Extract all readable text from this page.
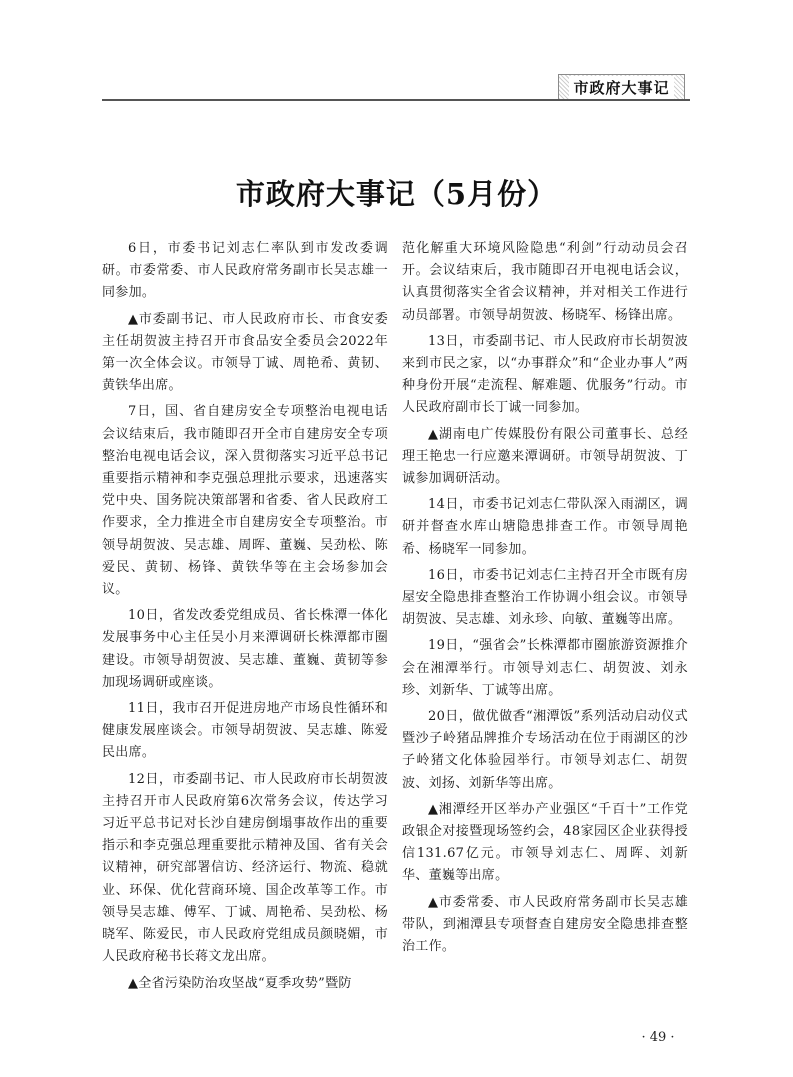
市政府大事记
市政府大事记（5月份）

6日，市委书记刘志仁率队到市发改委调研。市委常委、市人民政府常务副市长吴志雄一同参加。

▲市委副书记、市人民政府市长、市食安委主任胡贺波主持召开市食品安全委员会2022年第一次全体会议。市领导丁诚、周艳希、黄韧、黄铁华出席。

7日，国、省自建房安全专项整治电视电话会议结束后，我市随即召开全市自建房安全专项整治电视电话会议，深入贯彻落实习近平总书记重要指示精神和李克强总理批示要求，迅速落实党中央、国务院决策部署和省委、省人民政府工作要求，全力推进全市自建房安全专项整治。市领导胡贺波、吴志雄、周晖、董巍、吴劲松、陈爱民、黄韧、杨锋、黄铁华等在主会场参加会议。

10日，省发改委党组成员、省长株潭一体化发展事务中心主任吴小月来潭调研长株潭都市圈建设。市领导胡贺波、吴志雄、董巍、黄韧等参加现场调研或座谈。

11日，我市召开促进房地产市场良性循环和健康发展座谈会。市领导胡贺波、吴志雄、陈爱民出席。

12日，市委副书记、市人民政府市长胡贺波主持召开市人民政府第6次常务会议，传达学习习近平总书记对长沙自建房倒塌事故作出的重要指示和李克强总理重要批示精神及国、省有关会议精神，研究部署信访、经济运行、物流、稳就业、环保、优化营商环境、国企改革等工作。市领导吴志雄、傅军、丁诚、周艳希、吴劲松、杨晓军、陈爱民，市人民政府党组成员颜晓媚，市人民政府秘书长蒋文龙出席。

▲全省污染防治攻坚战“夏季攻势”暨防

范化解重大环境风险隐患“利剑”行动动员会召开。会议结束后，我市随即召开电视电话会议，认真贯彻落实全省会议精神，并对相关工作进行动员部署。市领导胡贺波、杨晓军、杨锋出席。

13日，市委副书记、市人民政府市长胡贺波来到市民之家，以“办事群众”和“企业办事人”两种身份开展“走流程、解难题、优服务”行动。市人民政府副市长丁诚一同参加。

▲湖南电广传媒股份有限公司董事长、总经理王艳忠一行应邀来潭调研。市领导胡贺波、丁诚参加调研活动。

14日，市委书记刘志仁带队深入雨湖区，调研并督查水库山塘隐患排查工作。市领导周艳希、杨晓军一同参加。

16日，市委书记刘志仁主持召开全市既有房屋安全隐患排查整治工作协调小组会议。市领导胡贺波、吴志雄、刘永珍、向敏、董巍等出席。

19日，“强省会”长株潭都市圈旅游资源推介会在湘潭举行。市领导刘志仁、胡贺波、刘永珍、刘新华、丁诚等出席。

20日，做优做香“湘潭饭”系列活动启动仪式暨沙子岭猪品牌推介专场活动在位于雨湖区的沙子岭猪文化体验园举行。市领导刘志仁、胡贺波、刘扬、刘新华等出席。

▲湘潭经开区举办产业强区“千百十”工作党政银企对接暨现场签约会，48家园区企业获得授信131.67亿元。市领导刘志仁、周晖、刘新华、董巍等出席。

▲市委常委、市人民政府常务副市长吴志雄带队，到湘潭县专项督查自建房安全隐患排查整治工作。

· 49 ·
